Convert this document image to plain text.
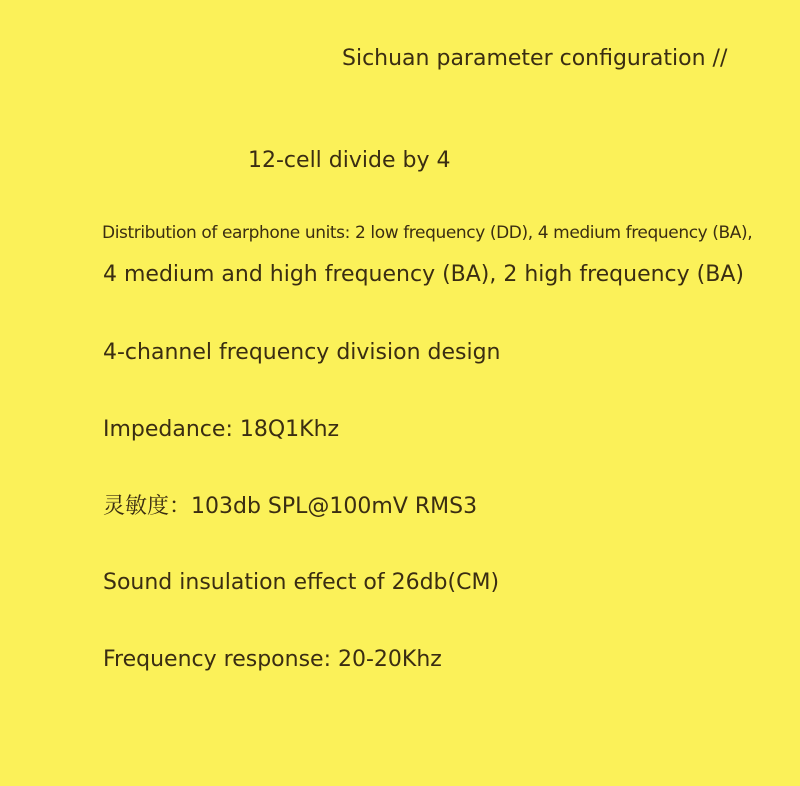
Sichuan parameter configuration //
12-cell divide by 4
Distribution of earphone units: 2 low frequency (DD), 4 medium frequency (BA),
4 medium and high frequency (BA), 2 high frequency (BA)
4-channel frequency division design
Impedance: 18Q1Khz
灵敏度：103db SPL@100mV RMS3
Sound insulation effect of 26db(CM)
Frequency response: 20-20Khz
